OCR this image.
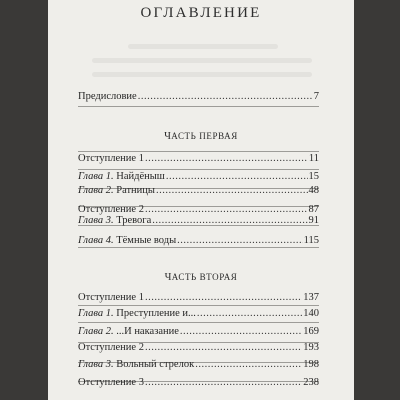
ОГЛАВЛЕНИЕ
Предисловие .....	7
ЧАСТЬ ПЕРВАЯ
Отступление 1 .....	11
Глава 1. Найдёныш .....	15
Глава 2. Ратницы .....	48
Отступление 2 .....	87
Глава 3. Тревога .....	91
Глава 4. Тёмные воды .....	115
ЧАСТЬ ВТОРАЯ
Отступление 1 .....	137
Глава 1. Преступление и... .....	140
Глава 2. ...И наказание .....	169
Отступление 2 .....	193
Глава 3. Вольный стрелок .....	198
Отступление 3 .....	238
